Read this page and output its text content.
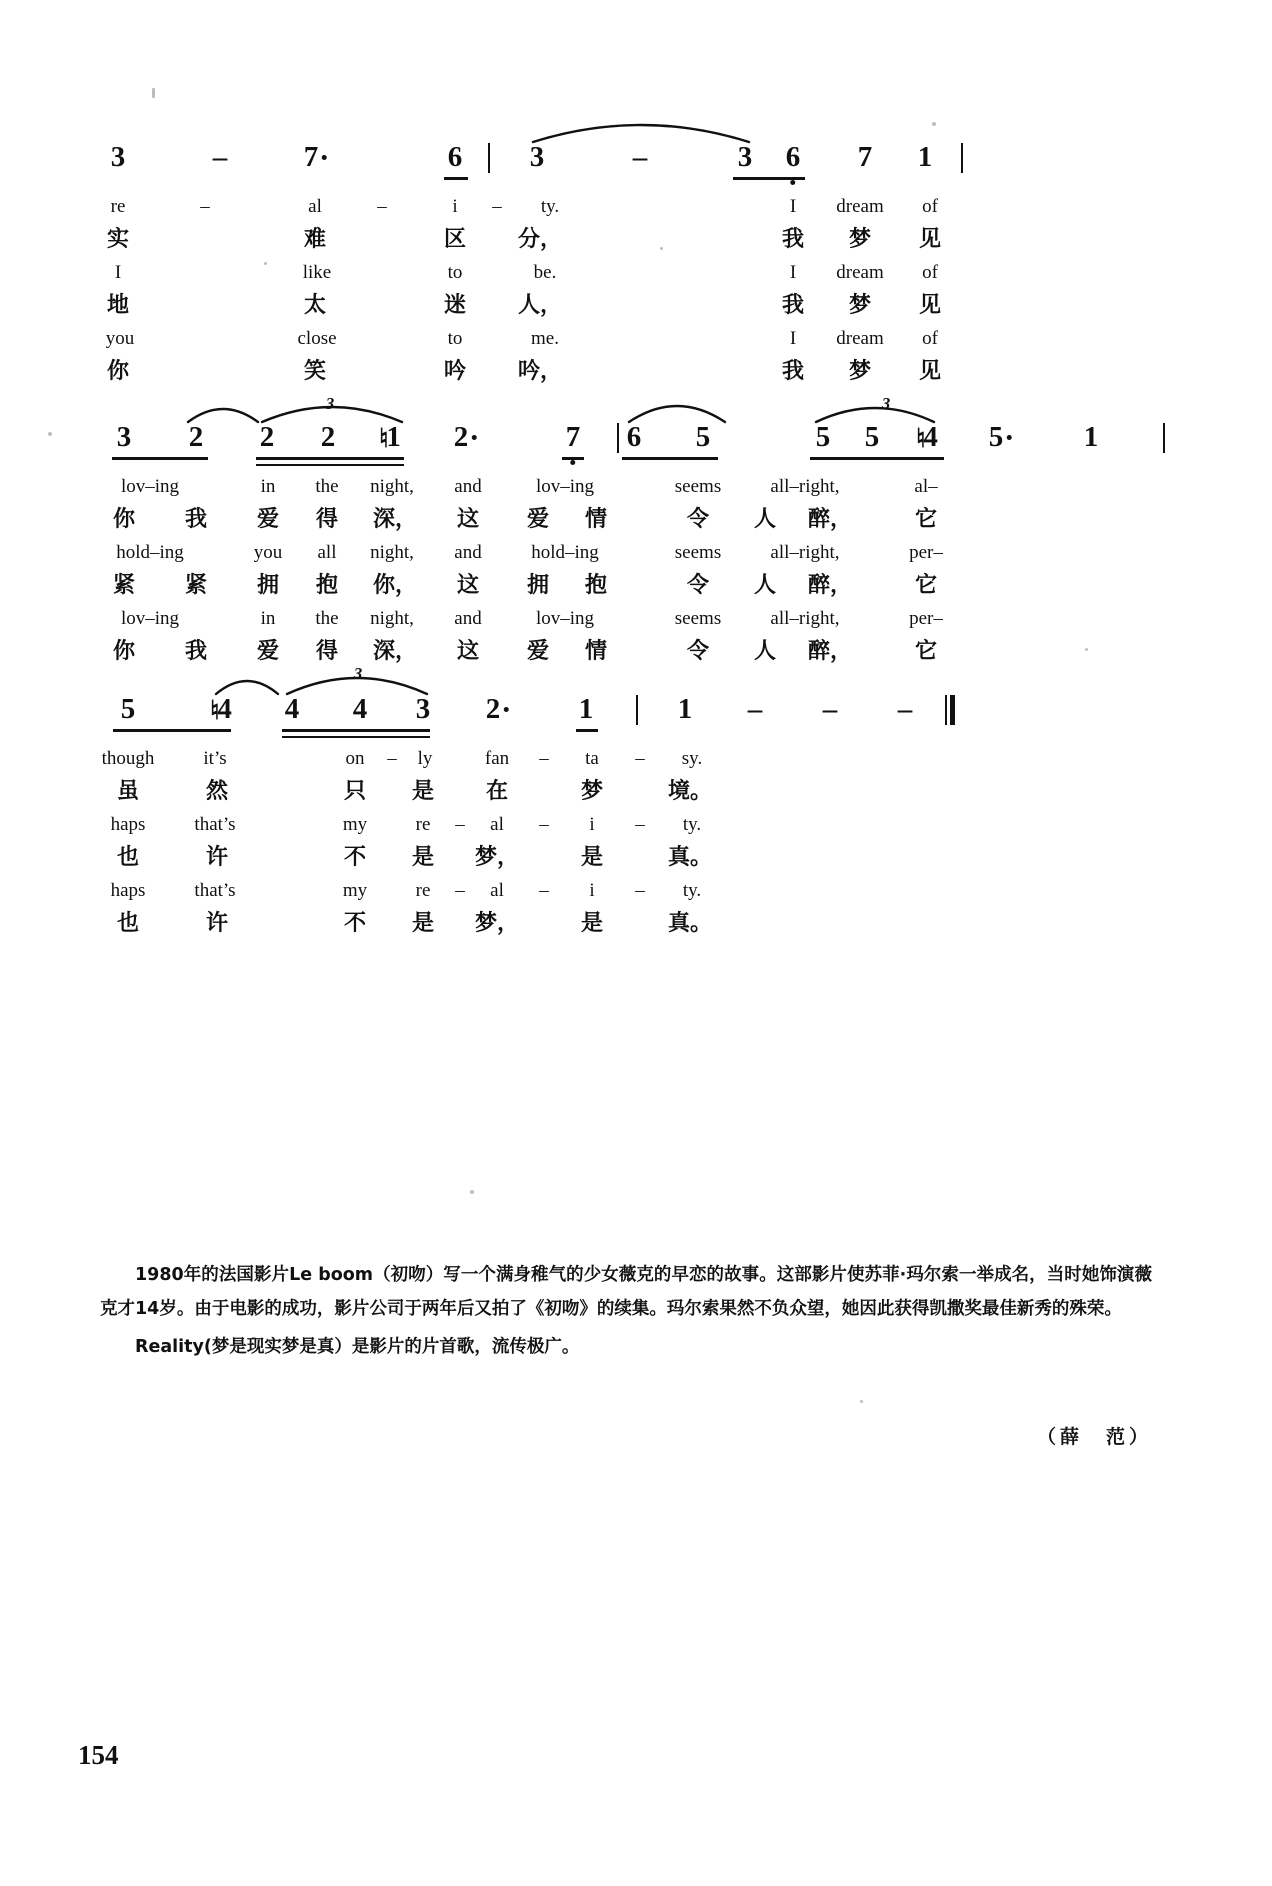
3	–	7	6 3	–	3 6 7 1
re	–	al	–	i – ty.	I dream of
实	难	区 分，	我 梦 见
I	like	to	be.	I dream of
地	太	迷 人，	我 梦 见
you	close	to	me.	I dream of
你	笑	吟 吟，	我 梦 见
3	3
3 2 2 2 ♮1 2	7 6 5	5 5 ♮4 5	1
lov–ing	in the night, and	lov–ing	seems	all–right,	al–
你 我 爱 得 深， 这 爱 情	令 人 醉，	它
hold–ing	you all night, and	hold–ing	seems	all–right,	per–
紧 紧 拥 抱 你， 这 拥 抱	令 人 醉，	它
lov–ing	in the night, and	lov–ing	seems	all–right,	per–
你 我 爱 得 深， 这 爱 情	令 人 醉，	它
3
5	♮4 4 4 3 2	1	1 – – –
though	it’s	on – ly	fan – ta – sy.
虽	然	只 是 在	梦	境。
haps	that’s	my	re – al – i – ty.
也	许	不 是 梦，	是	真。
haps	that’s	my	re – al – i – ty.
也	许	不 是 梦，	是	真。

1980年的法国影片Le boom（初吻）写一个满身稚气的少女薇克的早恋的故事。这部影片使苏菲·玛尔索一举成名，当时她饰演薇克才14岁。由于电影的成功，影片公司于两年后又拍了《初吻》的续集。玛尔索果然不负众望，她因此获得凯撒奖最佳新秀的殊荣。

Reality(梦是现实梦是真）是影片的片首歌，流传极广。

（薛　范）
154
